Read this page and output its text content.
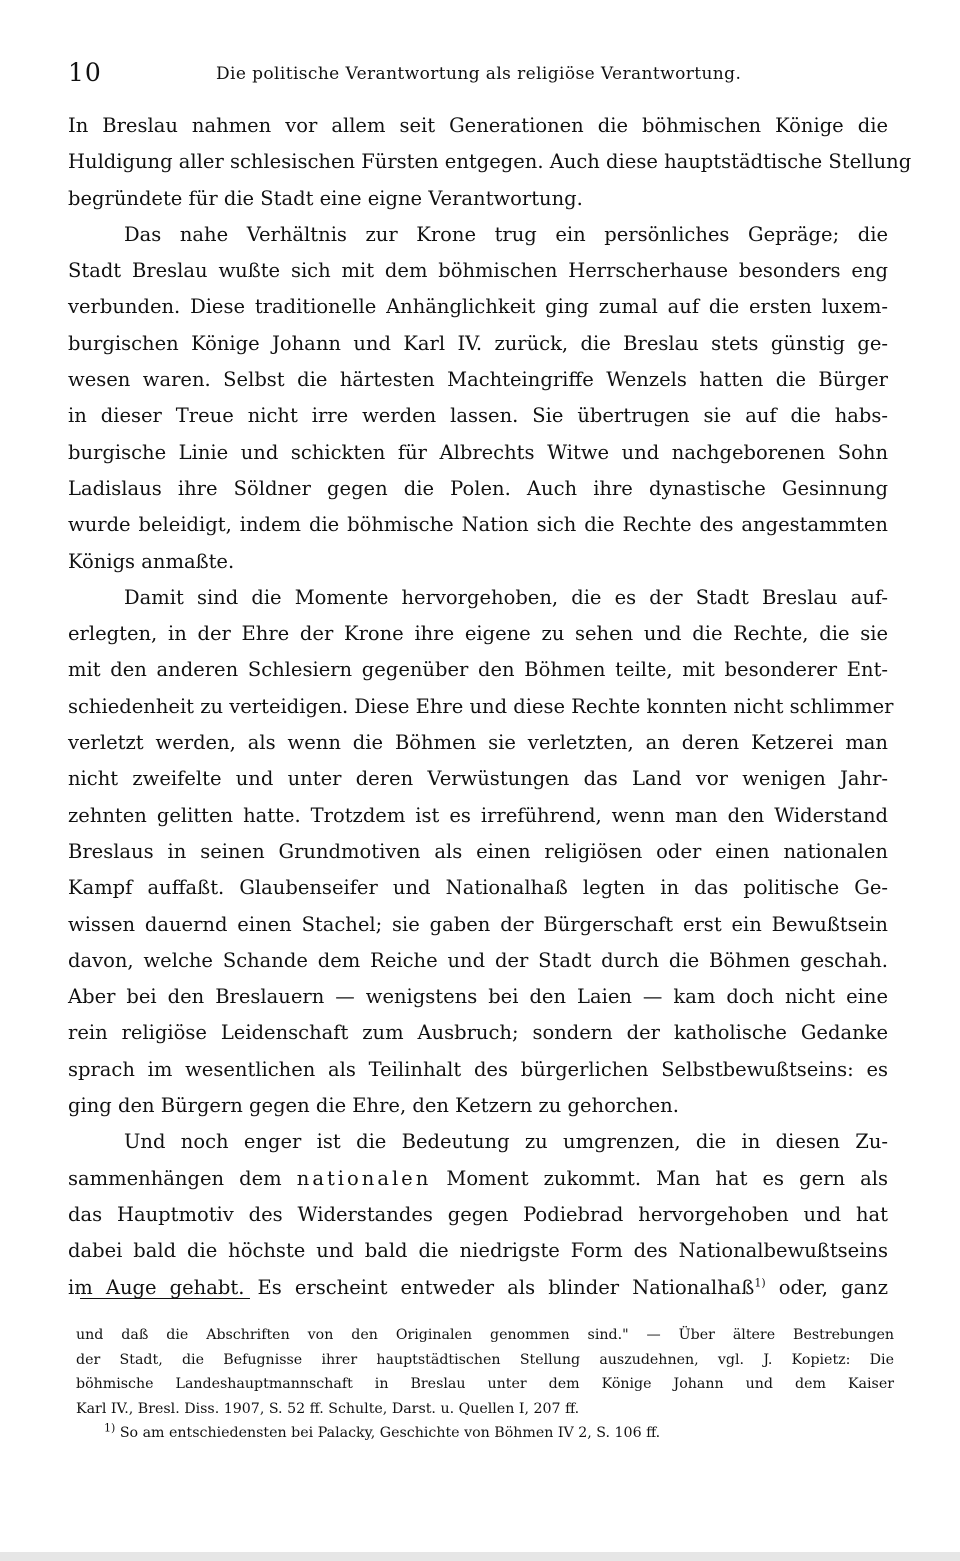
10	Die politische Verantwortung als religiöse Verantwortung.
In Breslau nahmen vor allem seit Generationen die böhmischen Könige die
Huldigung aller schlesischen Fürsten entgegen. Auch diese hauptstädtische Stellung
begründete für die Stadt eine eigne Verantwortung.
Das nahe Verhältnis zur Krone trug ein persönliches Gepräge; die
Stadt Breslau wußte sich mit dem böhmischen Herrscherhause besonders eng
verbunden. Diese traditionelle Anhänglichkeit ging zumal auf die ersten luxem-
burgischen Könige Johann und Karl IV. zurück, die Breslau stets günstig ge-
wesen waren. Selbst die härtesten Machteingriffe Wenzels hatten die Bürger
in dieser Treue nicht irre werden lassen. Sie übertrugen sie auf die habs-
burgische Linie und schickten für Albrechts Witwe und nachgeborenen Sohn
Ladislaus ihre Söldner gegen die Polen. Auch ihre dynastische Gesinnung
wurde beleidigt, indem die böhmische Nation sich die Rechte des angestammten
Königs anmaßte.
Damit sind die Momente hervorgehoben, die es der Stadt Breslau auf-
erlegten, in der Ehre der Krone ihre eigene zu sehen und die Rechte, die sie
mit den anderen Schlesiern gegenüber den Böhmen teilte, mit besonderer Ent-
schiedenheit zu verteidigen. Diese Ehre und diese Rechte konnten nicht schlimmer
verletzt werden, als wenn die Böhmen sie verletzten, an deren Ketzerei man
nicht zweifelte und unter deren Verwüstungen das Land vor wenigen Jahr-
zehnten gelitten hatte. Trotzdem ist es irreführend, wenn man den Widerstand
Breslaus in seinen Grundmotiven als einen religiösen oder einen nationalen
Kampf auffaßt. Glaubenseifer und Nationalhaß legten in das politische Ge-
wissen dauernd einen Stachel; sie gaben der Bürgerschaft erst ein Bewußtsein
davon, welche Schande dem Reiche und der Stadt durch die Böhmen geschah.
Aber bei den Breslauern — wenigstens bei den Laien — kam doch nicht eine
rein religiöse Leidenschaft zum Ausbruch; sondern der katholische Gedanke
sprach im wesentlichen als Teilinhalt des bürgerlichen Selbstbewußtseins: es
ging den Bürgern gegen die Ehre, den Ketzern zu gehorchen.
Und noch enger ist die Bedeutung zu umgrenzen, die in diesen Zu-
sammenhängen dem nationalen Moment zukommt. Man hat es gern als
das Hauptmotiv des Widerstandes gegen Podiebrad hervorgehoben und hat
dabei bald die höchste und bald die niedrigste Form des Nationalbewußtseins
im Auge gehabt. Es erscheint entweder als blinder Nationalhaß$^{1)}$ oder, ganz
und daß die Abschriften von den Originalen genommen sind." — Über ältere Bestrebungen
der Stadt, die Befugnisse ihrer hauptstädtischen Stellung auszudehnen, vgl. J. Kopietz: Die
böhmische Landeshauptmannschaft in Breslau unter dem Könige Johann und dem Kaiser
Karl IV., Bresl. Diss. 1907, S. 52 ff. Schulte, Darst. u. Quellen I, 207 ff.
$^{1)}$ So am entschiedensten bei Palacky, Geschichte von Böhmen IV 2, S. 106 ff.
